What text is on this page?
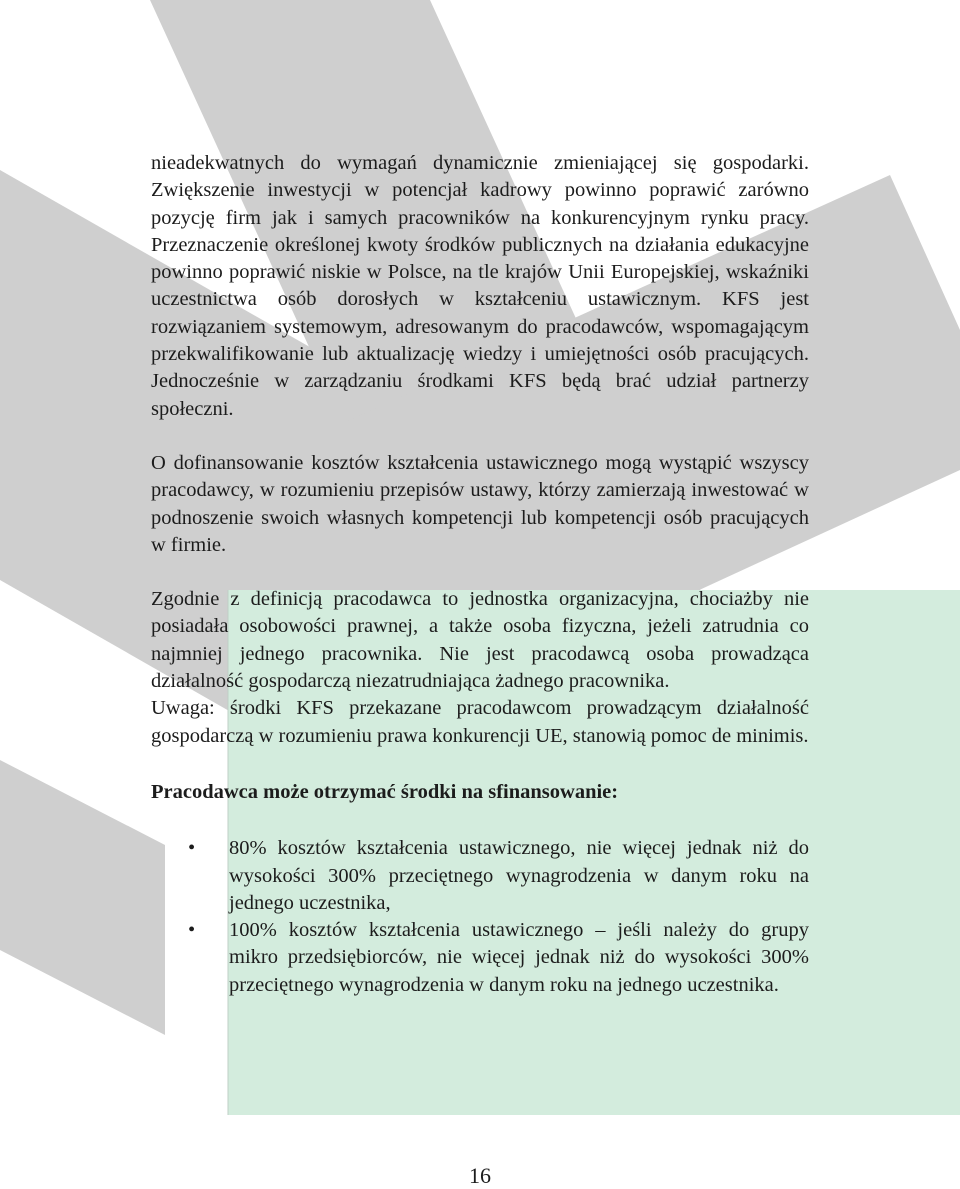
nieadekwatnych do wymagań dynamicznie zmieniającej się gospodarki. Zwiększenie inwestycji w potencjał kadrowy powinno poprawić zarówno pozycję firm jak i samych pracowników na konkurencyjnym rynku pracy. Przeznaczenie określonej kwoty środków publicznych na działania edukacyjne powinno poprawić niskie w Polsce, na tle krajów Unii Europejskiej, wskaźniki uczestnictwa osób dorosłych w kształceniu ustawicznym. KFS jest rozwiązaniem systemowym, adresowanym do pracodawców, wspomagającym przekwalifikowanie lub aktualizację wiedzy i umiejętności osób pracujących. Jednocześnie w zarządzaniu środkami KFS będą brać udział partnerzy społeczni.

O dofinansowanie kosztów kształcenia ustawicznego mogą wystąpić wszyscy pracodawcy, w rozumieniu przepisów ustawy, którzy zamierzają inwestować w podnoszenie swoich własnych kompetencji lub kompetencji osób pracujących w firmie.

Zgodnie z definicją pracodawca to jednostka organizacyjna, chociażby nie posiadała osobowości prawnej, a także osoba fizyczna, jeżeli zatrudnia co najmniej jednego pracownika. Nie jest pracodawcą osoba prowadząca działalność gospodarczą niezatrudniająca żadnego pracownika.

Uwaga: środki KFS przekazane pracodawcom prowadzącym działalność gospodarczą w rozumieniu prawa konkurencji UE, stanowią pomoc de minimis.

Pracodawca może otrzymać środki na sfinansowanie:

• 80% kosztów kształcenia ustawicznego, nie więcej jednak niż do wysokości 300% przeciętnego wynagrodzenia w danym roku na jednego uczestnika,
• 100% kosztów kształcenia ustawicznego – jeśli należy do grupy mikro przedsiębiorców, nie więcej jednak niż do wysokości 300% przeciętnego wynagrodzenia w danym roku na jednego uczestnika.
16
